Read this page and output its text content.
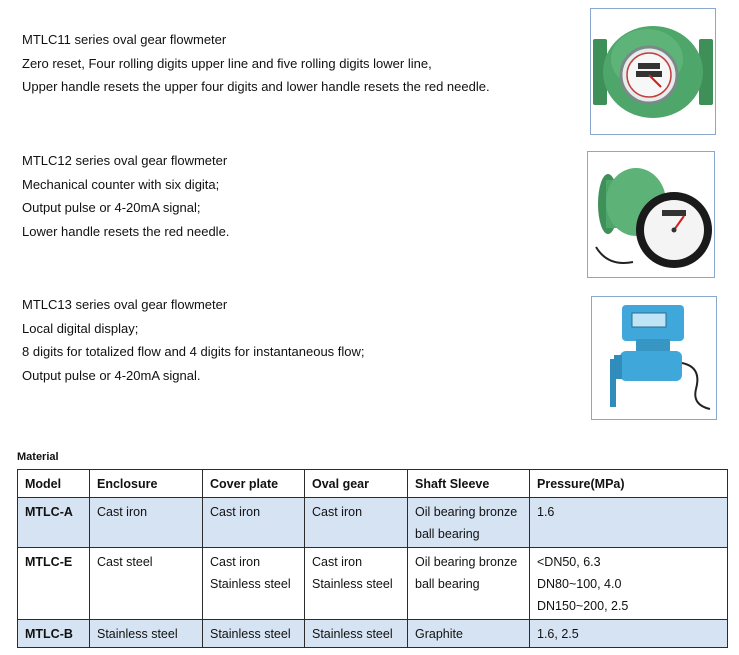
MTLC11 series oval gear flowmeter
Zero reset, Four rolling digits upper line and five rolling digits lower line,
Upper handle resets the upper four digits and lower handle resets the red needle.
MTLC12 series oval gear flowmeter
Mechanical counter with six digita;
Output pulse or 4-20mA signal;
Lower handle resets the red needle.
MTLC13 series oval gear flowmeter
Local digital display;
8 digits for totalized flow and 4 digits for instantaneous flow;
Output pulse or 4-20mA signal.
Material
Model	Enclosure	Cover plate	Oval gear	Shaft Sleeve	Pressure(MPa)

MTLC-A	Cast iron	Cast iron	Cast iron	Oil bearing bronze
ball bearing	1.6

MTLC-E	Cast steel	Cast iron
Stainless steel	Cast iron
Stainless steel	Oil bearing bronze
ball bearing	<DN50, 6.3
DN80~100, 4.0
DN150~200, 2.5

MTLC-B	Stainless steel	Stainless steel	Stainless steel	Graphite	1.6, 2.5
